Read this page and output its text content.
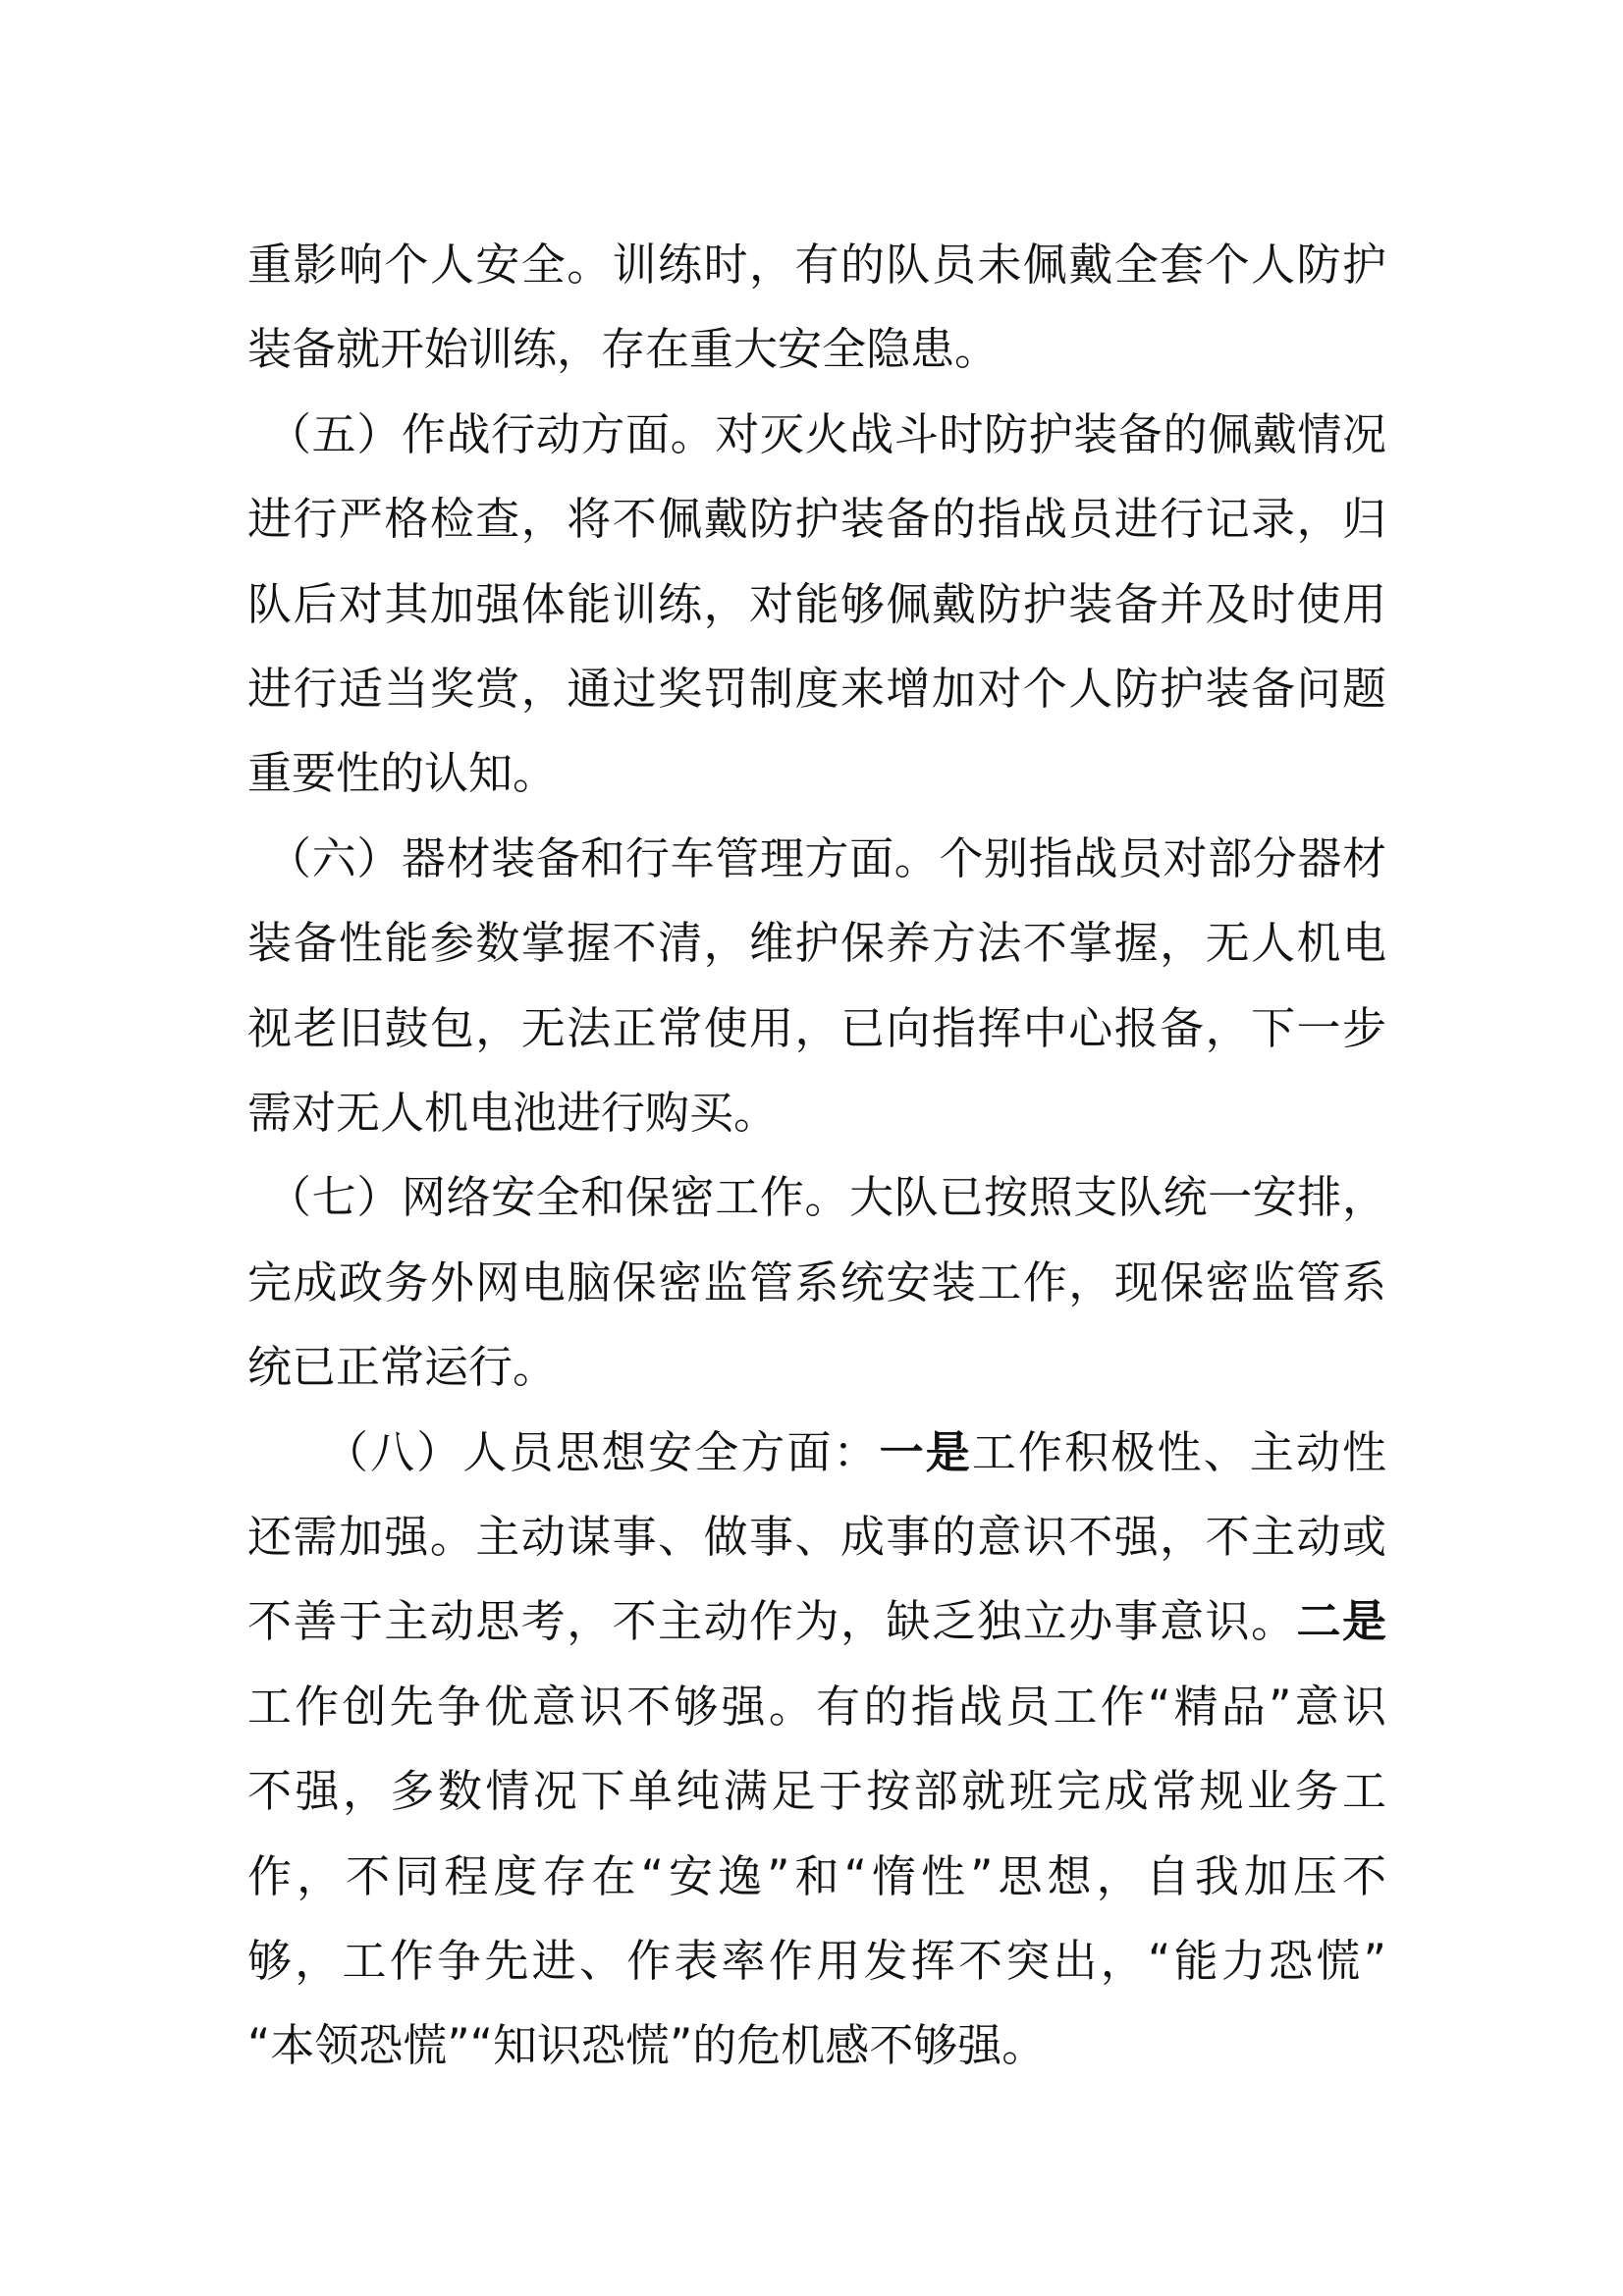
重影响个人安全。训练时，有的队员未佩戴全套个人防护
装备就开始训练，存在重大安全隐患。
（五）作战行动方面。对灭火战斗时防护装备的佩戴情况
进行严格检查，将不佩戴防护装备的指战员进行记录，归
队后对其加强体能训练，对能够佩戴防护装备并及时使用
进行适当奖赏，通过奖罚制度来增加对个人防护装备问题
重要性的认知。
（六）器材装备和行车管理方面。个别指战员对部分器材
装备性能参数掌握不清，维护保养方法不掌握，无人机电
视老旧鼓包，无法正常使用，已向指挥中心报备，下一步
需对无人机电池进行购买。
（七）网络安全和保密工作。大队已按照支队统一安排，
完成政务外网电脑保密监管系统安装工作，现保密监管系
统已正常运行。
（八）人员思想安全方面：一是工作积极性、主动性
还需加强。主动谋事、做事、成事的意识不强，不主动或
不善于主动思考，不主动作为，缺乏独立办事意识。二是
工作创先争优意识不够强。有的指战员工作“精品”意识
不强，多数情况下单纯满足于按部就班完成常规业务工
作，不同程度存在“安逸”和“惰性”思想，自我加压不
够，工作争先进、作表率作用发挥不突出，“能力恐慌”
“本领恐慌”“知识恐慌”的危机感不够强。
